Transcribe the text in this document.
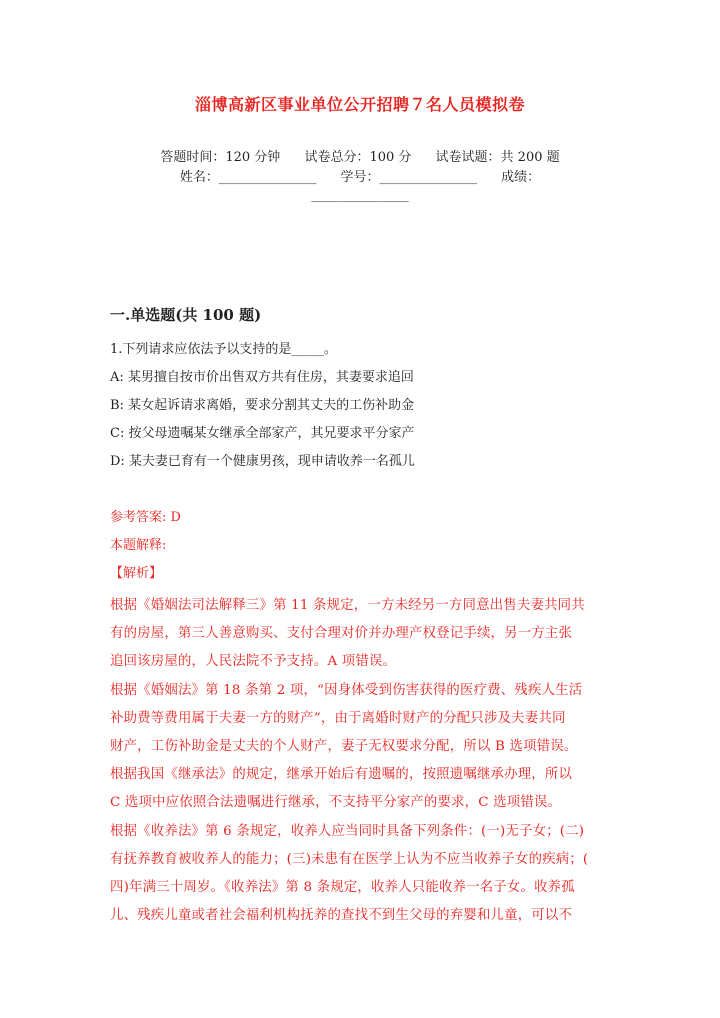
淄博高新区事业单位公开招聘７名人员模拟卷
答题时间：120 分钟 试卷总分：100 分 试卷试题：共 200 题
姓名：_______________ 学号：_______________ 成绩：
_______________
一.单选题(共 100 题)
1.下列请求应依法予以支持的是_____。
A: 某男擅自按市价出售双方共有住房，其妻要求追回
B: 某女起诉请求离婚，要求分割其丈夫的工伤补助金
C: 按父母遗嘱某女继承全部家产，其兄要求平分家产
D: 某夫妻已育有一个健康男孩，现申请收养一名孤儿
参考答案: D
本题解释:
【解析】

根据《婚姻法司法解释三》第 11 条规定，一方未经另一方同意出售夫妻共同共

有的房屋，第三人善意购买、支付合理对价并办理产权登记手续，另一方主张

追回该房屋的，人民法院不予支持。A 项错误。

根据《婚姻法》第 18 条第 2 项，“因身体受到伤害获得的医疗费、残疾人生活

补助费等费用属于夫妻一方的财产”，由于离婚时财产的分配只涉及夫妻共同

财产，工伤补助金是丈夫的个人财产，妻子无权要求分配，所以 B 选项错误。

根据我国《继承法》的规定，继承开始后有遗嘱的，按照遗嘱继承办理，所以

C 选项中应依照合法遗嘱进行继承，不支持平分家产的要求，C 选项错误。

根据《收养法》第 6 条规定，收养人应当同时具备下列条件：(一)无子女；(二)

有抚养教育被收养人的能力；(三)未患有在医学上认为不应当收养子女的疾病；(

四)年满三十周岁。《收养法》第 8 条规定，收养人只能收养一名子女。收养孤

儿、残疾儿童或者社会福利机构抚养的查找不到生父母的弃婴和儿童，可以不
